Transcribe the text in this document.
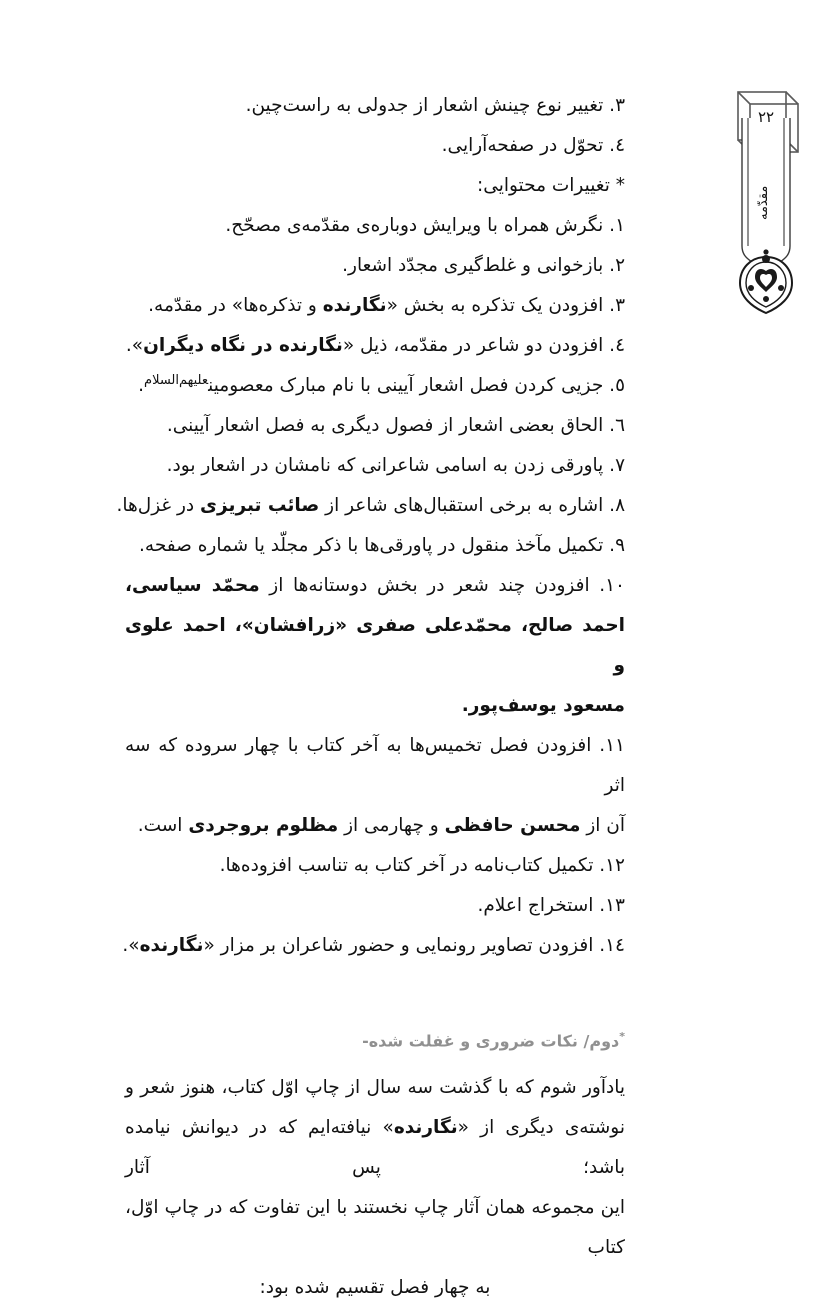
۲۲
مقدّمه
۳. تغییر نوع چینش اشعار از جدولی به راست‌چین.
٤. تحوّل در صفحه‌آرایی.
* تغییرات محتوایی:
۱. نگرش همراه با ویرایش دوباره‌ی مقدّمه‌ی مصحّح.
۲. بازخوانی و غلط‌گیری مجدّد اشعار.
۳. افزودن یک تذکره به بخش «نگارنده و تذکره‌ها» در مقدّمه.
٤. افزودن دو شاعر در مقدّمه، ذیل «نگارنده در نگاه دیگران».
٥. جزیی کردن فصل اشعار آیینی با نام مبارک معصومین$^{علیهم‌السلام}$.
٦. الحاق بعضی اشعار از فصول دیگری به فصل اشعار آیینی.
۷. پاورقی زدن به اسامی شاعرانی که نامشان در اشعار بود.
۸. اشاره به برخی استقبال‌های شاعر از صائب تبریزی در غزل‌ها.
۹. تکمیل مآخذ منقول در پاورقی‌ها با ذکر مجلّد یا شماره صفحه.
۱۰. افزودن چند شعر در بخش دوستانه‌ها از محمّد سیاسی،
احمد صالح، محمّدعلی صفری «زرافشان»، احمد علوی و
مسعود یوسف‌پور.
۱۱. افزودن فصل تخمیس‌ها به آخر کتاب با چهار سروده که سه اثر
آن از محسن حافظی و چهارمی از مظلوم بروجردی است.
۱۲. تکمیل کتاب‌نامه در آخر کتاب به تناسب افزوده‌ها.
۱۳. استخراج اعلام.
۱٤. افزودن تصاویر رونمایی و حضور شاعران بر مزار «نگارنده».
*دوم/ نکات ضروری و غفلت شده-
یادآور شوم که با گذشت سه سال از چاپ اوّل کتاب، هنوز شعر و
نوشته‌ی دیگری از «نگارنده» نیافته‌ایم که در دیوانش نیامده باشد؛ پس آثار
این مجموعه همان آثار چاپ نخستند با این تفاوت که در چاپ اوّل، کتاب
به چهار فصل تقسیم شده بود:
